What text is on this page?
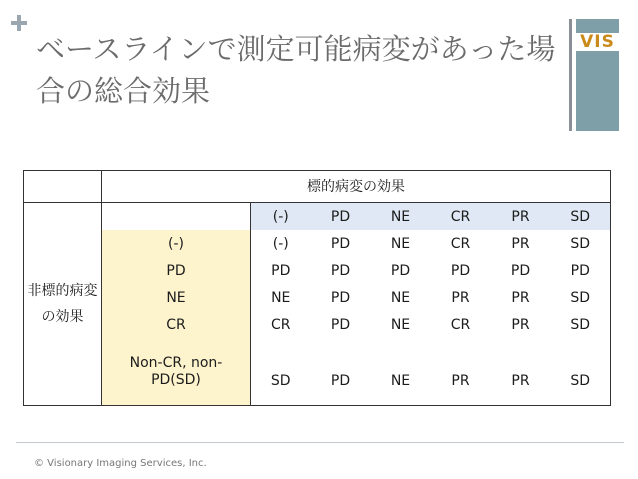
ベースラインで測定可能病変があった場合の総合効果
VIS
	標的病変の効果						

非標的病変の効果		(-)	PD	NE	CR	PR	SD
	(-)	(-)	PD	NE	CR	PR	SD
	PD	PD	PD	PD	PD	PD	PD
	NE	NE	PD	NE	PR	PR	SD
	CR	CR	PD	NE	CR	PR	SD

	Non-CR, non-PD(SD)	SD	PD	NE	PR	PR	SD
© Visionary Imaging Services, Inc.
